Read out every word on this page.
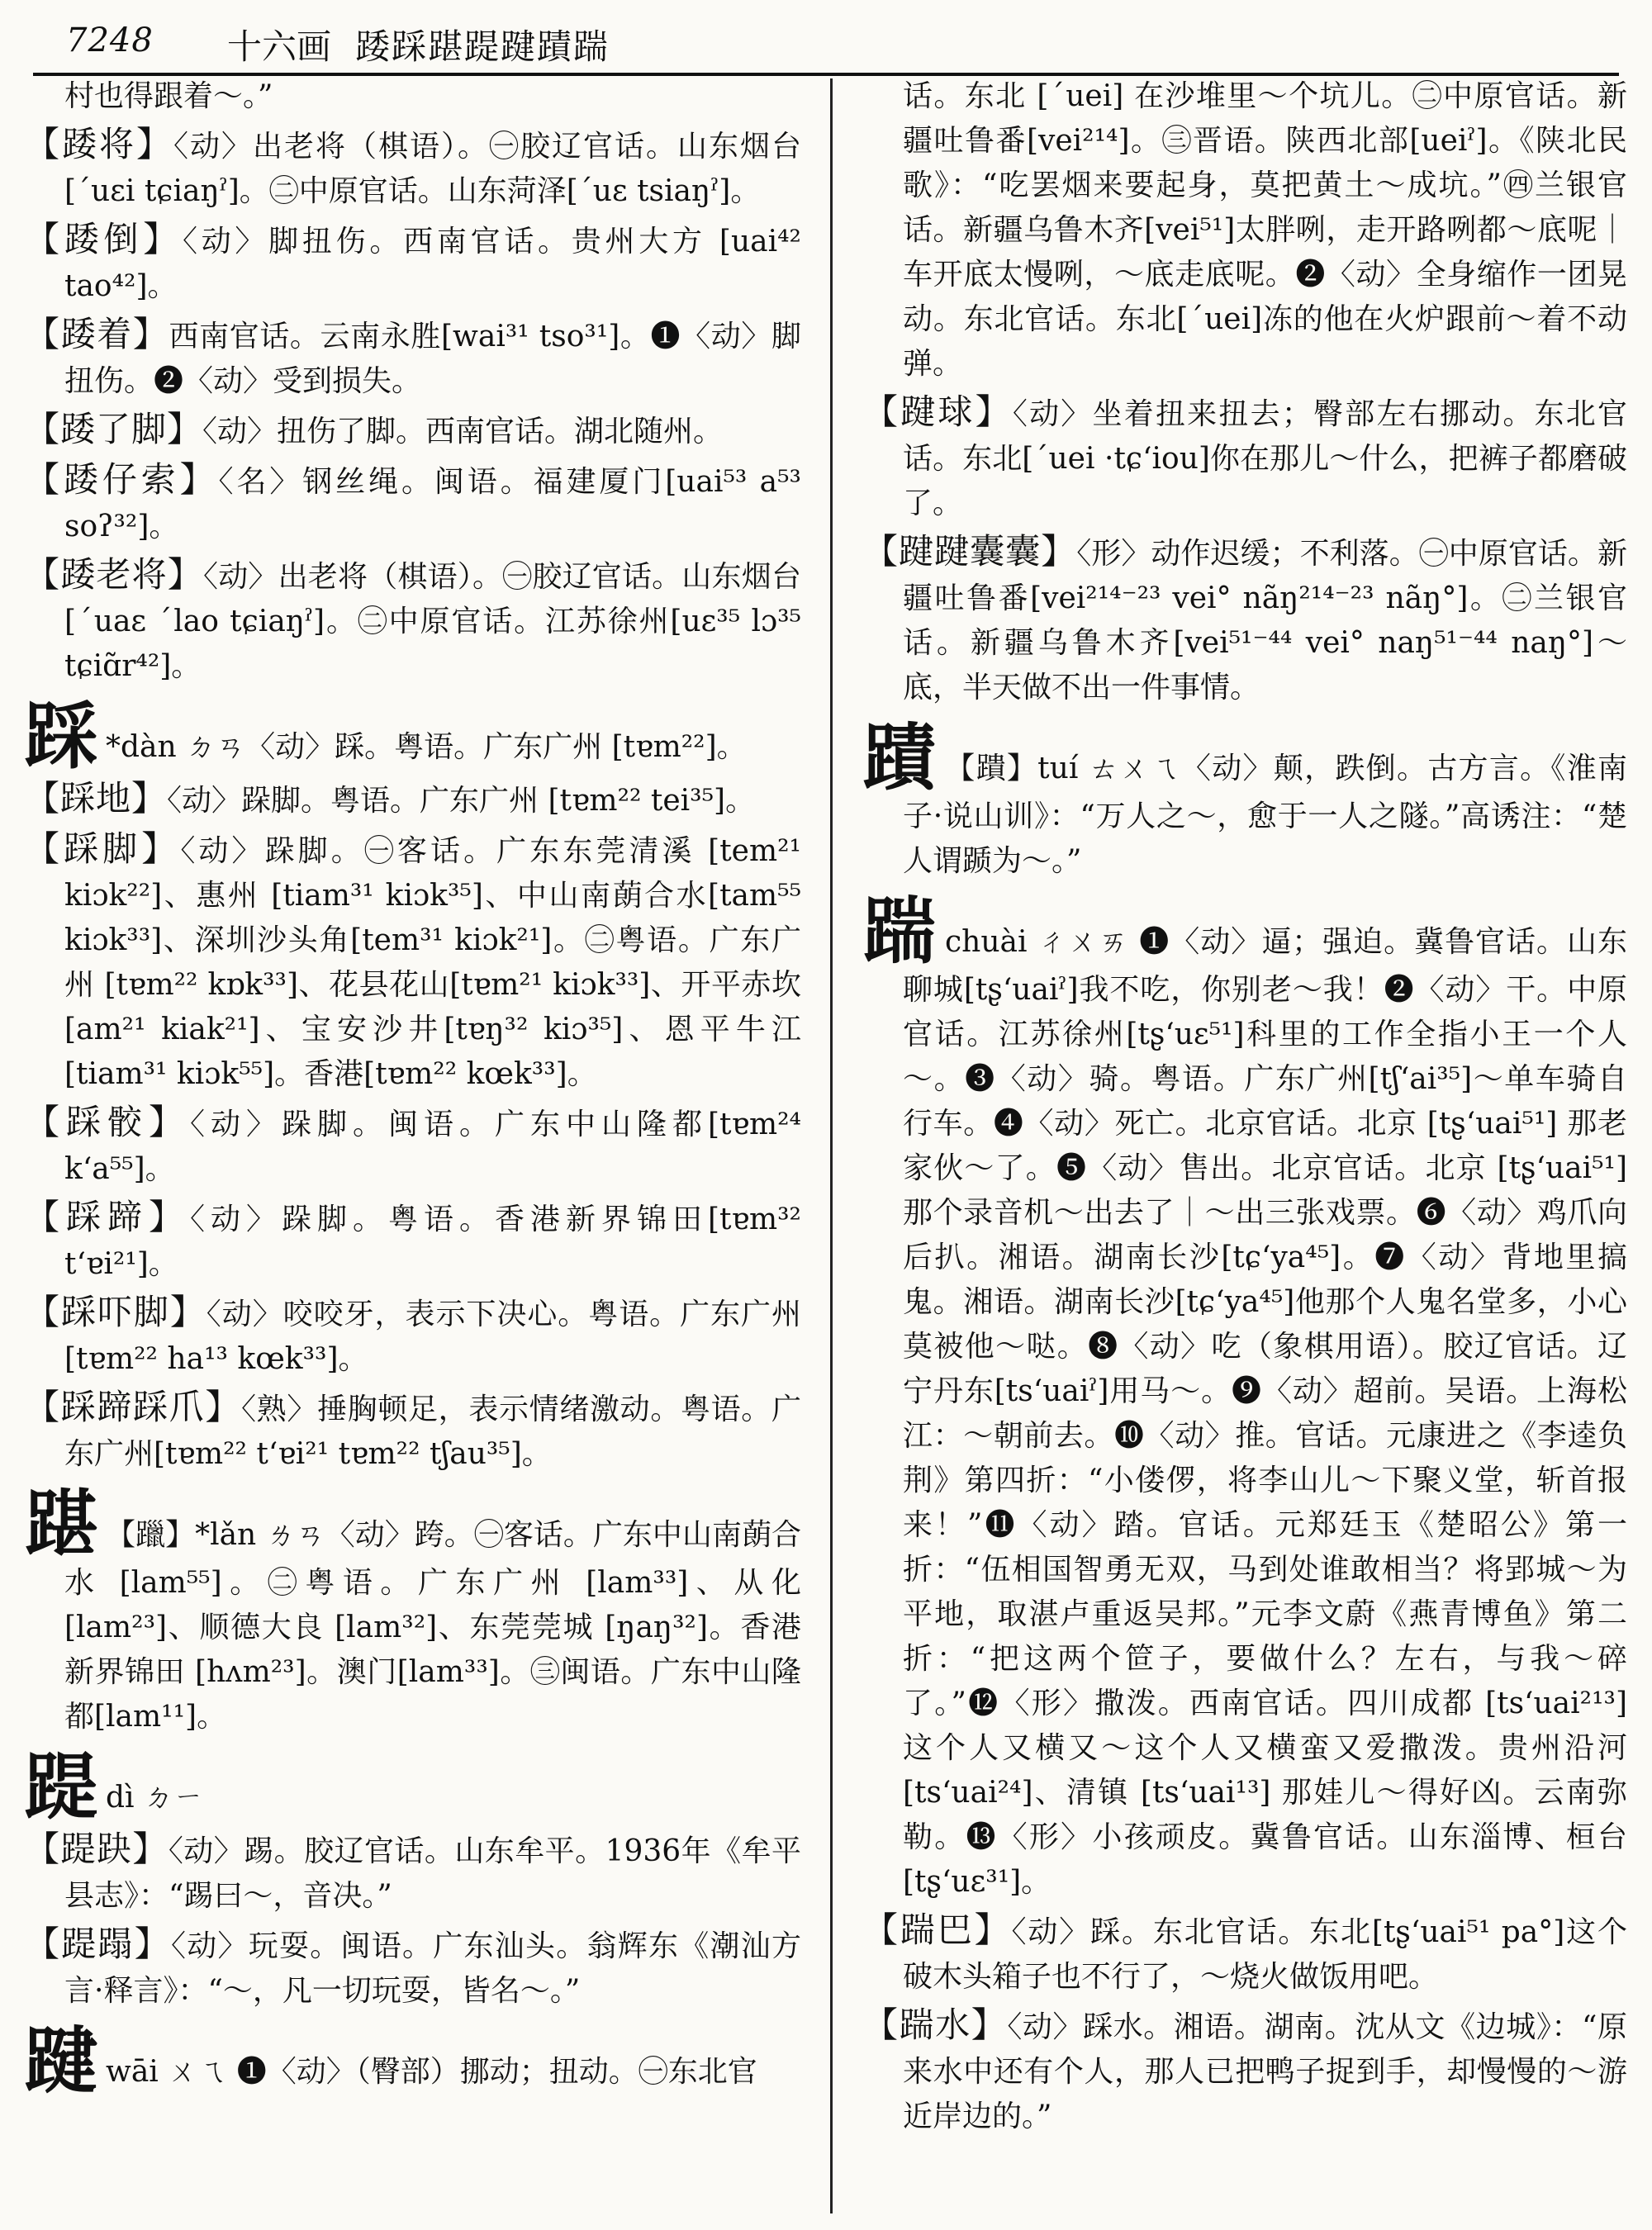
7248 十六画 踒踩踸踶踺蹟踹

村也得跟着～。”

【踒将】〈动〉出老将（棋语）。㊀胶辽官话。山东烟台[ˊuɛi tɕiaŋˀ]。㊁中原官话。山东菏泽[ˊuɛ tsiaŋˀ]。

【踒倒】〈动〉脚扭伤。西南官话。贵州大方 [uai⁴² tao⁴²]。

【踒着】西南官话。云南永胜[wai³¹ tso³¹]。❶〈动〉脚扭伤。❷〈动〉受到损失。

【踒了脚】〈动〉扭伤了脚。西南官话。湖北随州。

【踒仔索】〈名〉钢丝绳。闽语。福建厦门[uai⁵³ a⁵³ soʔ³²]。

【踒老将】〈动〉出老将（棋语）。㊀胶辽官话。山东烟台[ˊuaɛ ˊlao tɕiaŋˀ]。㊁中原官话。江苏徐州[uɛ³⁵ lɔ³⁵ tɕiɑ̃r⁴²]。

踩 *dàn ㄉㄢ〈动〉踩。粤语。广东广州 [tɐm²²]。

【踩地】〈动〉跺脚。粤语。广东广州 [tɐm²² tei³⁵]。

【踩脚】〈动〉跺脚。㊀客话。广东东莞清溪 [tem²¹ kiɔk²²]、惠州 [tiam³¹ kiɔk³⁵]、中山南蓢合水[tam⁵⁵ kiɔk³³]、深圳沙头角[tem³¹ kiɔk²¹]。㊁粤语。广东广州 [tɐm²² kɒk³³]、花县花山[tɐm²¹ kiɔk³³]、开平赤坎[am²¹ kiak²¹]、宝安沙井[tɐŋ³² kiɔ³⁵]、恩平牛江 [tiam³¹ kiɔk⁵⁵]。香港[tɐm²² kœk³³]。

【踩骹】〈动〉跺脚。闽语。广东中山隆都[tɐm²⁴ kʻa⁵⁵]。

【踩蹄】〈动〉跺脚。粤语。香港新界锦田[tɐm³² tʻɐi²¹]。

【踩吓脚】〈动〉咬咬牙，表示下决心。粤语。广东广州[tɐm²² ha¹³ kœk³³]。

【踩蹄踩爪】〈熟〉捶胸顿足，表示情绪激动。粤语。广东广州[tɐm²² tʻɐi²¹ tɐm²² tʃau³⁵]。

踸 【躐】*lǎn ㄌㄢ〈动〉跨。㊀客话。广东中山南蓢合水 [lam⁵⁵]。㊁粤语。广东广州 [lam³³]、从化[lam²³]、顺德大良 [lam³²]、东莞莞城 [ŋaŋ³²]。香港新界锦田 [hʌm²³]。澳门[lam³³]。㊂闽语。广东中山隆都[lam¹¹]。

踶dì ㄉㄧ

【踶趹】〈动〉踢。胶辽官话。山东牟平。1936年《牟平县志》：“踢曰～，音决。”

【踶蹋】〈动〉玩耍。闽语。广东汕头。翁辉东《潮汕方言·释言》：“～，凡一切玩耍，皆名～。”

踺wāi ㄨㄟ ❶〈动〉（臀部）挪动；扭动。㊀东北官

话。东北 [ˊuei] 在沙堆里～个坑儿。㊁中原官话。新疆吐鲁番[vei²¹⁴]。㊂晋语。陕西北部[ueiˀ]。《陕北民歌》：“吃罢烟来要起身，莫把黄土～成坑。”㊃兰银官话。新疆乌鲁木齐[vei⁵¹]太胖咧，走开路咧都～底呢｜车开底太慢咧，～底走底呢。❷〈动〉全身缩作一团晃动。东北官话。东北[ˊuei]冻的他在火炉跟前～着不动弹。

【踺球】〈动〉坐着扭来扭去；臀部左右挪动。东北官话。东北[ˊuei ·tɕʻiou]你在那儿～什么，把裤子都磨破了。

【踺踺囊囊】〈形〉动作迟缓；不利落。㊀中原官话。新疆吐鲁番[vei²¹⁴⁻²³ vei° nãŋ²¹⁴⁻²³ nãŋ°]。㊁兰银官话。新疆乌鲁木齐[vei⁵¹⁻⁴⁴ vei° naŋ⁵¹⁻⁴⁴ naŋ°]～底，半天做不出一件事情。

蹟 【蹪】tuí ㄊㄨㄟ〈动〉颠，跌倒。古方言。《淮南子·说山训》：“万人之～，愈于一人之隧。”高诱注：“楚人谓踬为～。”

踹chuài ㄔㄨㄞ ❶〈动〉逼；强迫。冀鲁官话。山东聊城[tʂʻuaiˀ]我不吃，你别老～我！❷〈动〉干。中原官话。江苏徐州[tʂʻuɛ⁵¹]科里的工作全指小王一个人～。❸〈动〉骑。粤语。广东广州[tʃʻai³⁵]～单车骑自行车。❹〈动〉死亡。北京官话。北京 [tʂʻuai⁵¹] 那老家伙～了。❺〈动〉售出。北京官话。北京 [tʂʻuai⁵¹]那个录音机～出去了｜～出三张戏票。❻〈动〉鸡爪向后扒。湘语。湖南长沙[tɕʻya⁴⁵]。❼〈动〉背地里搞鬼。湘语。湖南长沙[tɕʻya⁴⁵]他那个人鬼名堂多，小心莫被他～哒。❽〈动〉吃（象棋用语）。胶辽官话。辽宁丹东[tsʻuaiˀ]用马～。❾〈动〉超前。吴语。上海松江：～朝前去。❿〈动〉推。官话。元康进之《李逵负荆》第四折：“小偻㑩，将李山儿～下聚义堂，斩首报来！”⓫〈动〉踏。官话。元郑廷玉《楚昭公》第一折：“伍相国智勇无双，马到处谁敢相当？将郢城～为平地，取湛卢重返吴邦。”元李文蔚《燕青博鱼》第二折：“把这两个笸子，要做什么？左右，与我～碎了。”⓬〈形〉撒泼。西南官话。四川成都 [tsʻuai²¹³] 这个人又横又～这个人又横蛮又爱撒泼。贵州沿河 [tsʻuai²⁴]、清镇 [tsʻuai¹³] 那娃儿～得好凶。云南弥勒。⓭〈形〉小孩顽皮。冀鲁官话。山东淄博、桓台[tʂʻuɛ³¹]。

【踹巴】〈动〉踩。东北官话。东北[tʂʻuai⁵¹ pa°]这个破木头箱子也不行了，～烧火做饭用吧。

【踹水】〈动〉踩水。湘语。湖南。沈从文《边城》：“原来水中还有个人，那人已把鸭子捉到手，却慢慢的～游近岸边的。”
